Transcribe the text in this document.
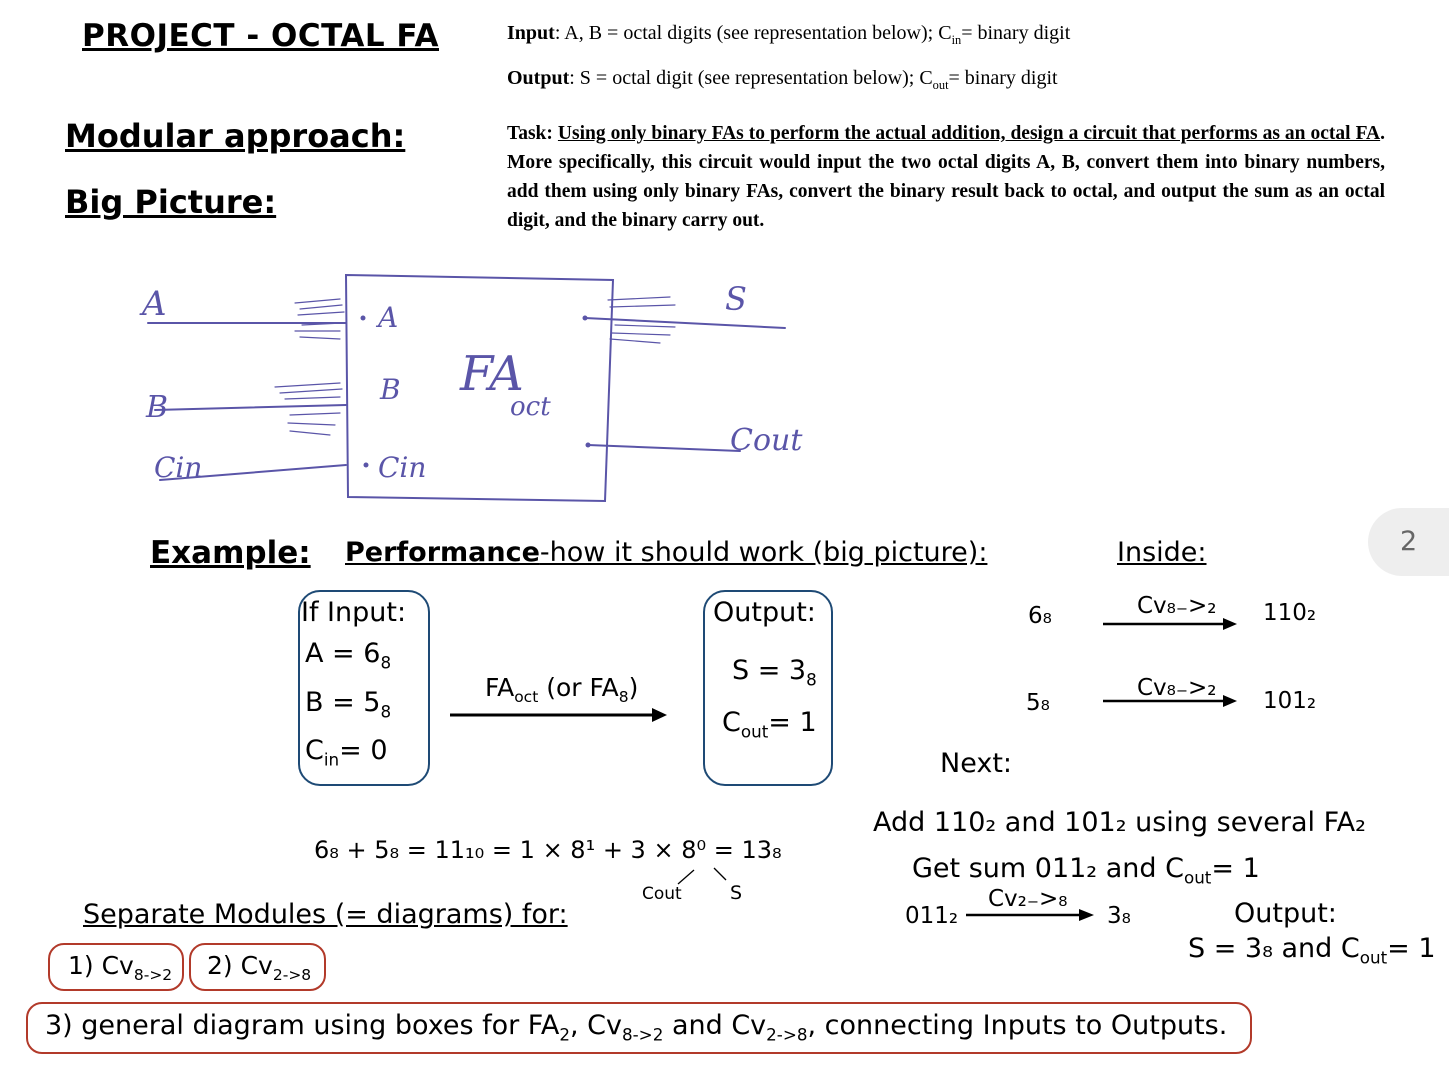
PROJECT - OCTAL FA
Modular approach:
Big Picture:
Input: A, B = octal digits (see representation below); $C_{in}=$ binary digit
Output: S = octal digit (see representation below); $C_{out}=$ binary digit
Task: Using only binary FAs to perform the actual addition, design a circuit that performs as an octal FA. More specifically, this circuit would input the two octal digits A, B, convert them into binary numbers, add them using only binary FAs, convert the binary result back to octal, and output the sum as an octal digit, and the binary carry out.
A
B
Cin
A
B
Cin
FA
oct
S
Cout
2
Example: Performance-how it should work (big picture):	Inside:
If Input:
$A = 6_8$
$B = 5_8$
$C_{in}= 0$
$FA_{oct}$ (or $FA_8$)
Output:
$S = 3_8$
$C_{out}= 1$
6₈ + 5₈ = 11₁₀ = 1 × 8¹ + 3 × 8⁰ = 13₈
Cout	S
6₈	Cv₈₋>₂ 110₂
5₈
Cv₈₋>₂ 101₂
Next:
Add 110₂ and 101₂ using several FA₂
Get sum 011₂ and $C_{out}= 1$
011₂
Cv₂₋>₈
3₈	Output:
S = 3₈ and $C_{out}= 1$
Separate Modules (= diagrams) for:
1) $Cv_{8->2}$ 2) $Cv_{2->8}$
3) general diagram using boxes for $FA_2$, $Cv_{8->2}$ and $Cv_{2->8}$, connecting Inputs to Outputs.
